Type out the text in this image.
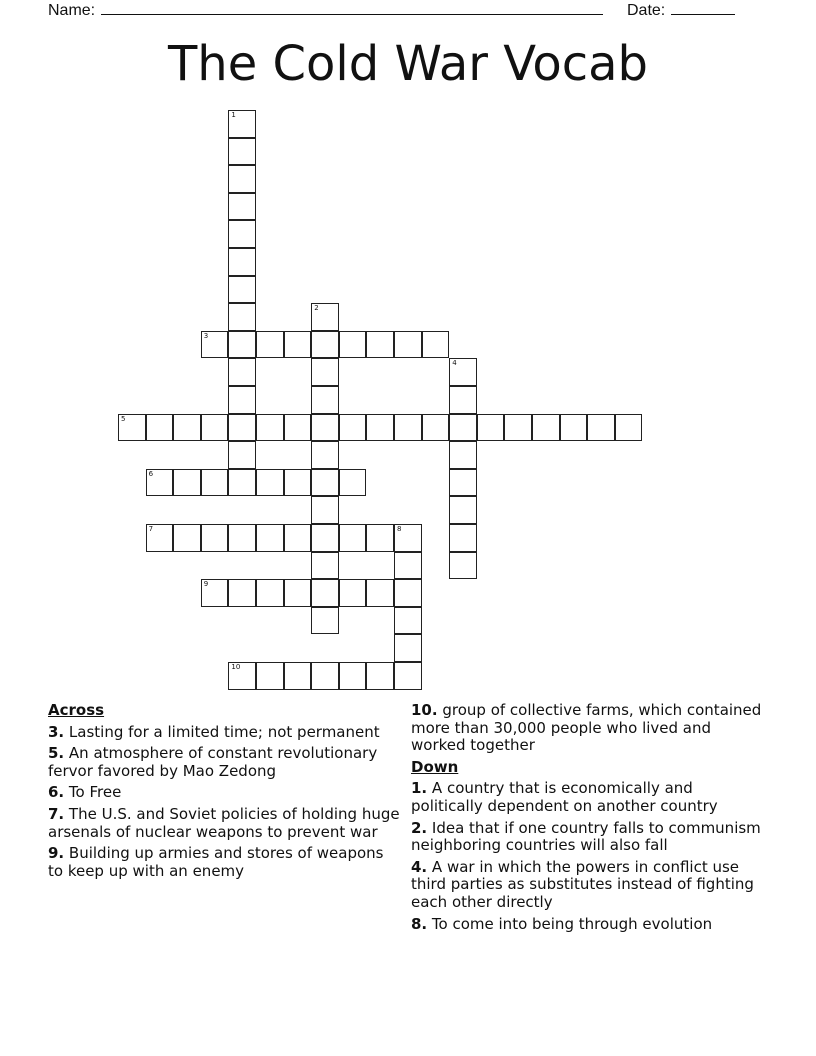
Name:	Date:
The Cold War Vocab
1
2
3
4
5
6
7	8
9
10
Across
3. Lasting for a limited time; not permanent
5. An atmosphere of constant revolutionary fervor favored by Mao Zedong
6. To Free
7. The U.S. and Soviet policies of holding huge arsenals of nuclear weapons to prevent war
9. Building up armies and stores of weapons to keep up with an enemy
10. group of collective farms, which contained more than 30,000 people who lived and worked together
Down
1. A country that is economically and politically dependent on another country
2. Idea that if one country falls to communism neighboring countries will also fall
4. A war in which the powers in conflict use third parties as substitutes instead of fighting each other directly
8. To come into being through evolution
